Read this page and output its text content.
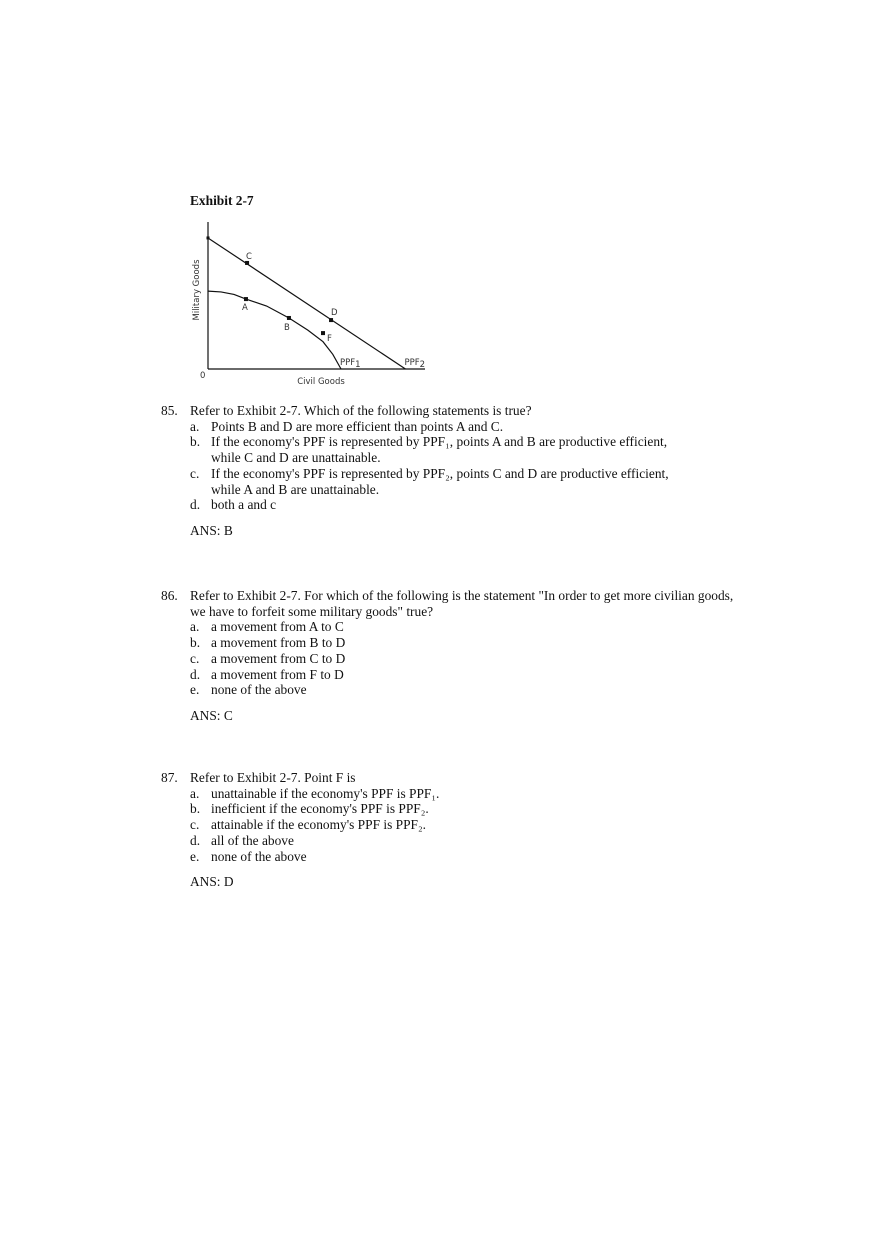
Exhibit 2-7
0
Civil Goods
Military Goods
PPF1	PPF2
A
B
C
D
F
85. Refer to Exhibit 2-7. Which of the following statements is true?
a. Points B and D are more efficient than points A and C.
b. If the economy's PPF is represented by PPF₁, points A and B are productive efficient,
while C and D are unattainable.
c. If the economy's PPF is represented by PPF₂, points C and D are productive efficient,
while A and B are unattainable.
d. both a and c
ANS: B
86. Refer to Exhibit 2-7. For which of the following is the statement "In order to get more civilian goods,
we have to forfeit some military goods" true?
a. a movement from A to C
b. a movement from B to D
c. a movement from C to D
d. a movement from F to D
e. none of the above
ANS: C
87. Refer to Exhibit 2-7. Point F is
a. unattainable if the economy's PPF is PPF₁.
b. inefficient if the economy's PPF is PPF₂.
c. attainable if the economy's PPF is PPF₂.
d. all of the above
e. none of the above
ANS: D
